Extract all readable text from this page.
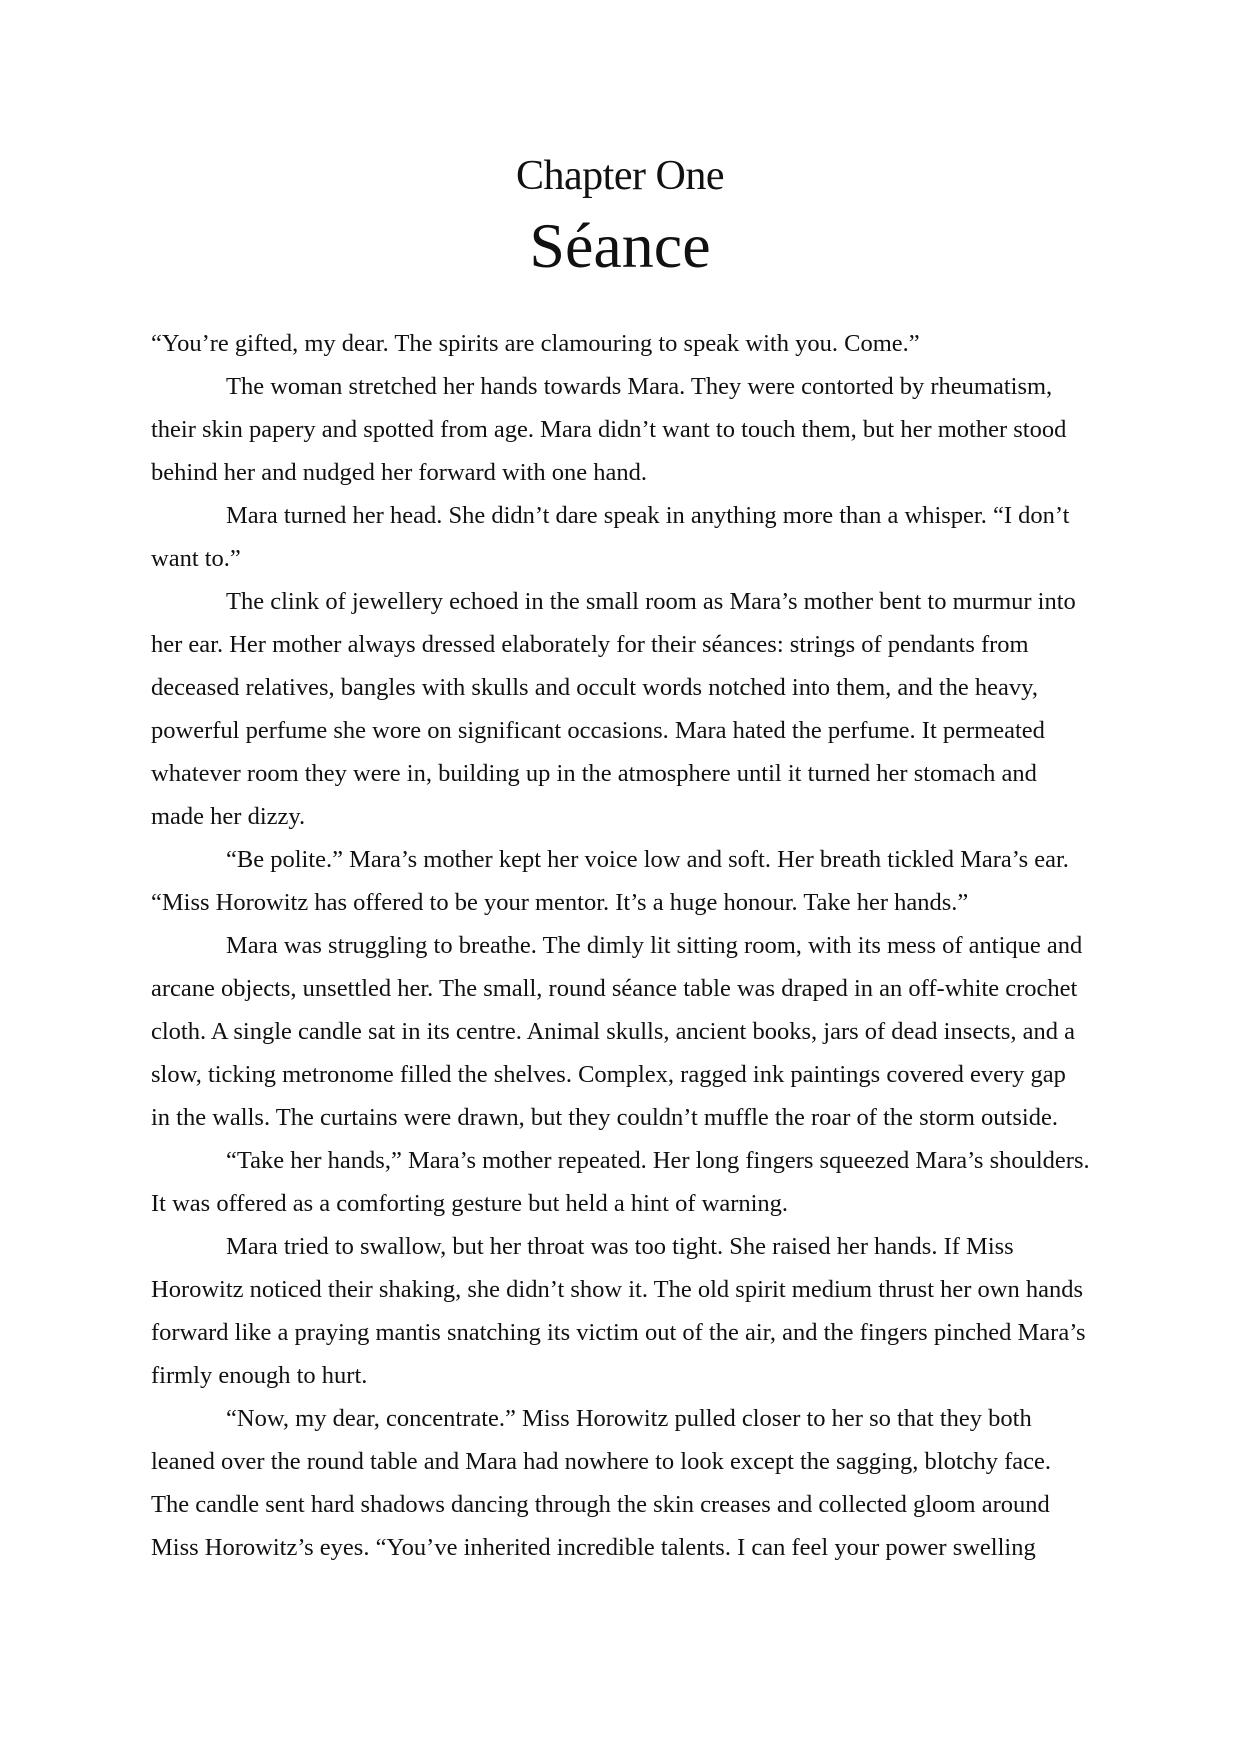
Chapter One
Séance

“You’re gifted, my dear. The spirits are clamouring to speak with you. Come.”

The woman stretched her hands towards Mara. They were contorted by rheumatism, their skin papery and spotted from age. Mara didn’t want to touch them, but her mother stood behind her and nudged her forward with one hand.

Mara turned her head. She didn’t dare speak in anything more than a whisper. “I don’t want to.”

The clink of jewellery echoed in the small room as Mara’s mother bent to murmur into her ear. Her mother always dressed elaborately for their séances: strings of pendants from deceased relatives, bangles with skulls and occult words notched into them, and the heavy, powerful perfume she wore on significant occasions. Mara hated the perfume. It permeated whatever room they were in, building up in the atmosphere until it turned her stomach and made her dizzy.

“Be polite.” Mara’s mother kept her voice low and soft. Her breath tickled Mara’s ear. “Miss Horowitz has offered to be your mentor. It’s a huge honour. Take her hands.”

Mara was struggling to breathe. The dimly lit sitting room, with its mess of antique and arcane objects, unsettled her. The small, round séance table was draped in an off-white crochet cloth. A single candle sat in its centre. Animal skulls, ancient books, jars of dead insects, and a slow, ticking metronome filled the shelves. Complex, ragged ink paintings covered every gap in the walls. The curtains were drawn, but they couldn’t muffle the roar of the storm outside.

“Take her hands,” Mara’s mother repeated. Her long fingers squeezed Mara’s shoulders. It was offered as a comforting gesture but held a hint of warning.

Mara tried to swallow, but her throat was too tight. She raised her hands. If Miss Horowitz noticed their shaking, she didn’t show it. The old spirit medium thrust her own hands forward like a praying mantis snatching its victim out of the air, and the fingers pinched Mara’s firmly enough to hurt.

“Now, my dear, concentrate.” Miss Horowitz pulled closer to her so that they both leaned over the round table and Mara had nowhere to look except the sagging, blotchy face. The candle sent hard shadows dancing through the skin creases and collected gloom around Miss Horowitz’s eyes. “You’ve inherited incredible talents. I can feel your power swelling
